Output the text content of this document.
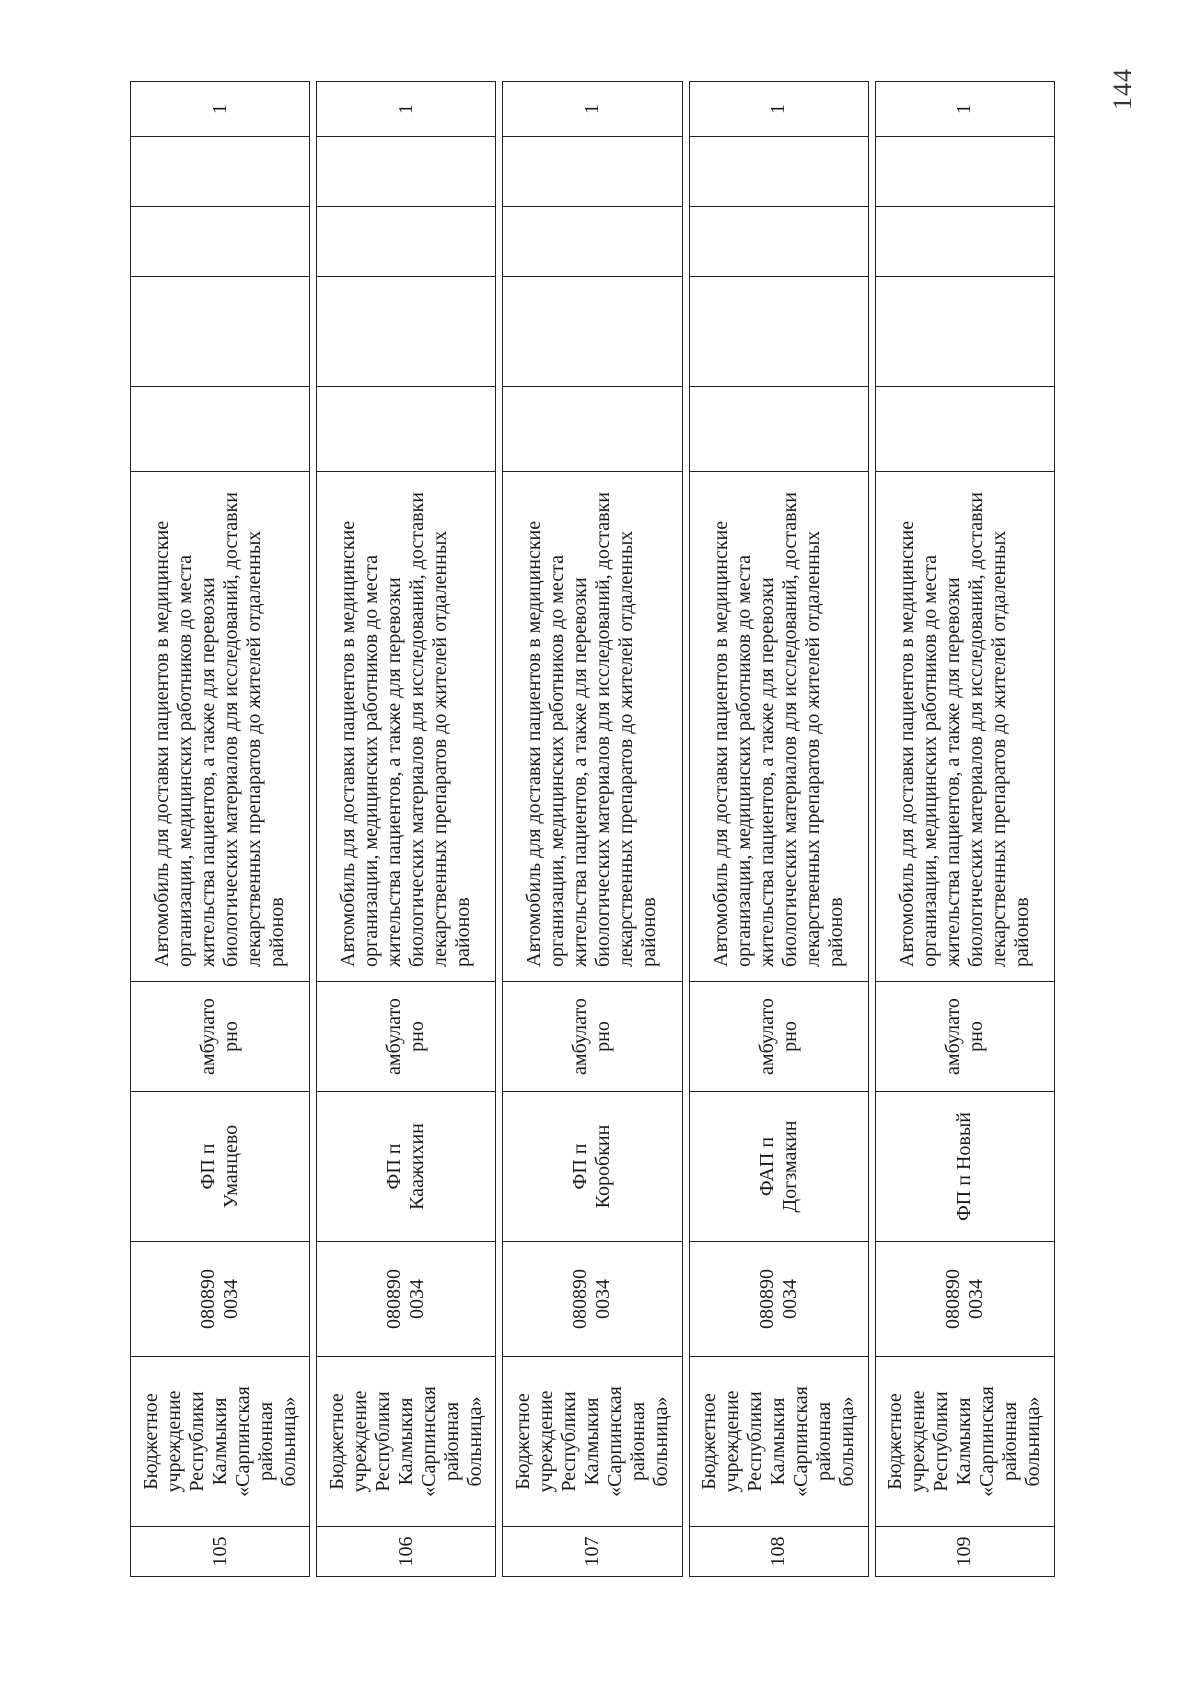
105	Бюджетное учреждение Республики Калмыкия «Сарпинская районная больница»	080890 0034	ФП п Уманцево	амбулато рно	Автомобиль для доставки пациентов в медицинские организации, медицинских работников до места жительства пациентов, а также для перевозки биологических материалов для исследований, доставки лекарственных препаратов до жителей отдаленных районов					1

106	Бюджетное учреждение Республики Калмыкия «Сарпинская районная больница»	080890 0034	ФП п Каажихин	амбулато рно	Автомобиль для доставки пациентов в медицинские организации, медицинских работников до места жительства пациентов, а также для перевозки биологических материалов для исследований, доставки лекарственных препаратов до жителей отдаленных районов					1

107	Бюджетное учреждение Республики Калмыкия «Сарпинская районная больница»	080890 0034	ФП п Коробкин	амбулато рно	Автомобиль для доставки пациентов в медицинские организации, медицинских работников до места жительства пациентов, а также для перевозки биологических материалов для исследований, доставки лекарственных препаратов до жителей отдаленных районов					1

108	Бюджетное учреждение Республики Калмыкия «Сарпинская районная больница»	080890 0034	ФАП п Догзмакин	амбулато рно	Автомобиль для доставки пациентов в медицинские организации, медицинских работников до места жительства пациентов, а также для перевозки биологических материалов для исследований, доставки лекарственных препаратов до жителей отдаленных районов					1

109	Бюджетное учреждение Республики Калмыкия «Сарпинская районная больница»	080890 0034	ФП п Новый	амбулато рно	Автомобиль для доставки пациентов в медицинские организации, медицинских работников до места жительства пациентов, а также для перевозки биологических материалов для исследований, доставки лекарственных препаратов до жителей отдаленных районов					1	144
